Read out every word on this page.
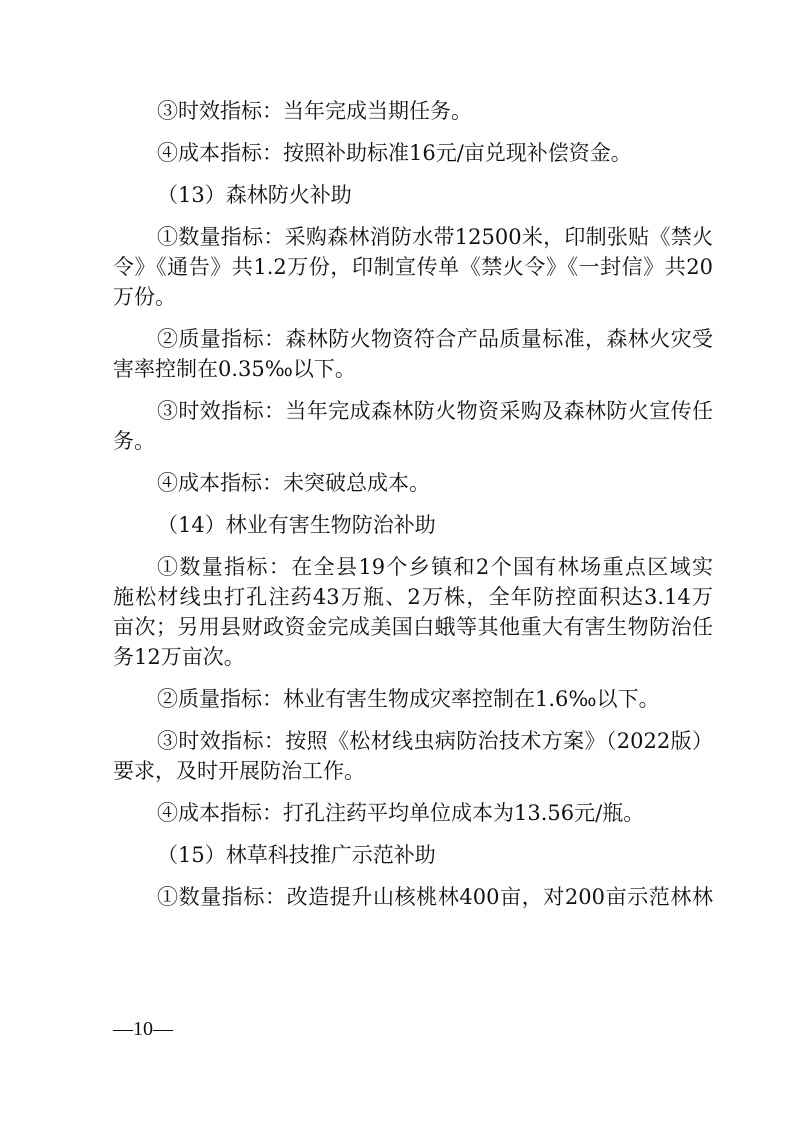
③时效指标：当年完成当期任务。
④成本指标：按照补助标准16元/亩兑现补偿资金。
（13）森林防火补助
①数量指标：采购森林消防水带12500米，印制张贴《禁火
令》《通告》共1.2万份，印制宣传单《禁火令》《一封信》共20
万份。
②质量指标：森林防火物资符合产品质量标准，森林火灾受
害率控制在0.35‰以下。
③时效指标：当年完成森林防火物资采购及森林防火宣传任
务。
④成本指标：未突破总成本。
（14）林业有害生物防治补助
①数量指标：在全县19个乡镇和2个国有林场重点区域实
施松材线虫打孔注药43万瓶、2万株，全年防控面积达3.14万
亩次；另用县财政资金完成美国白蛾等其他重大有害生物防治任
务12万亩次。
②质量指标：林业有害生物成灾率控制在1.6‰以下。
③时效指标：按照《松材线虫病防治技术方案》（2022版）
要求，及时开展防治工作。
④成本指标：打孔注药平均单位成本为13.56元/瓶。
（15）林草科技推广示范补助
①数量指标：改造提升山核桃林400亩，对200亩示范林林
—10—
